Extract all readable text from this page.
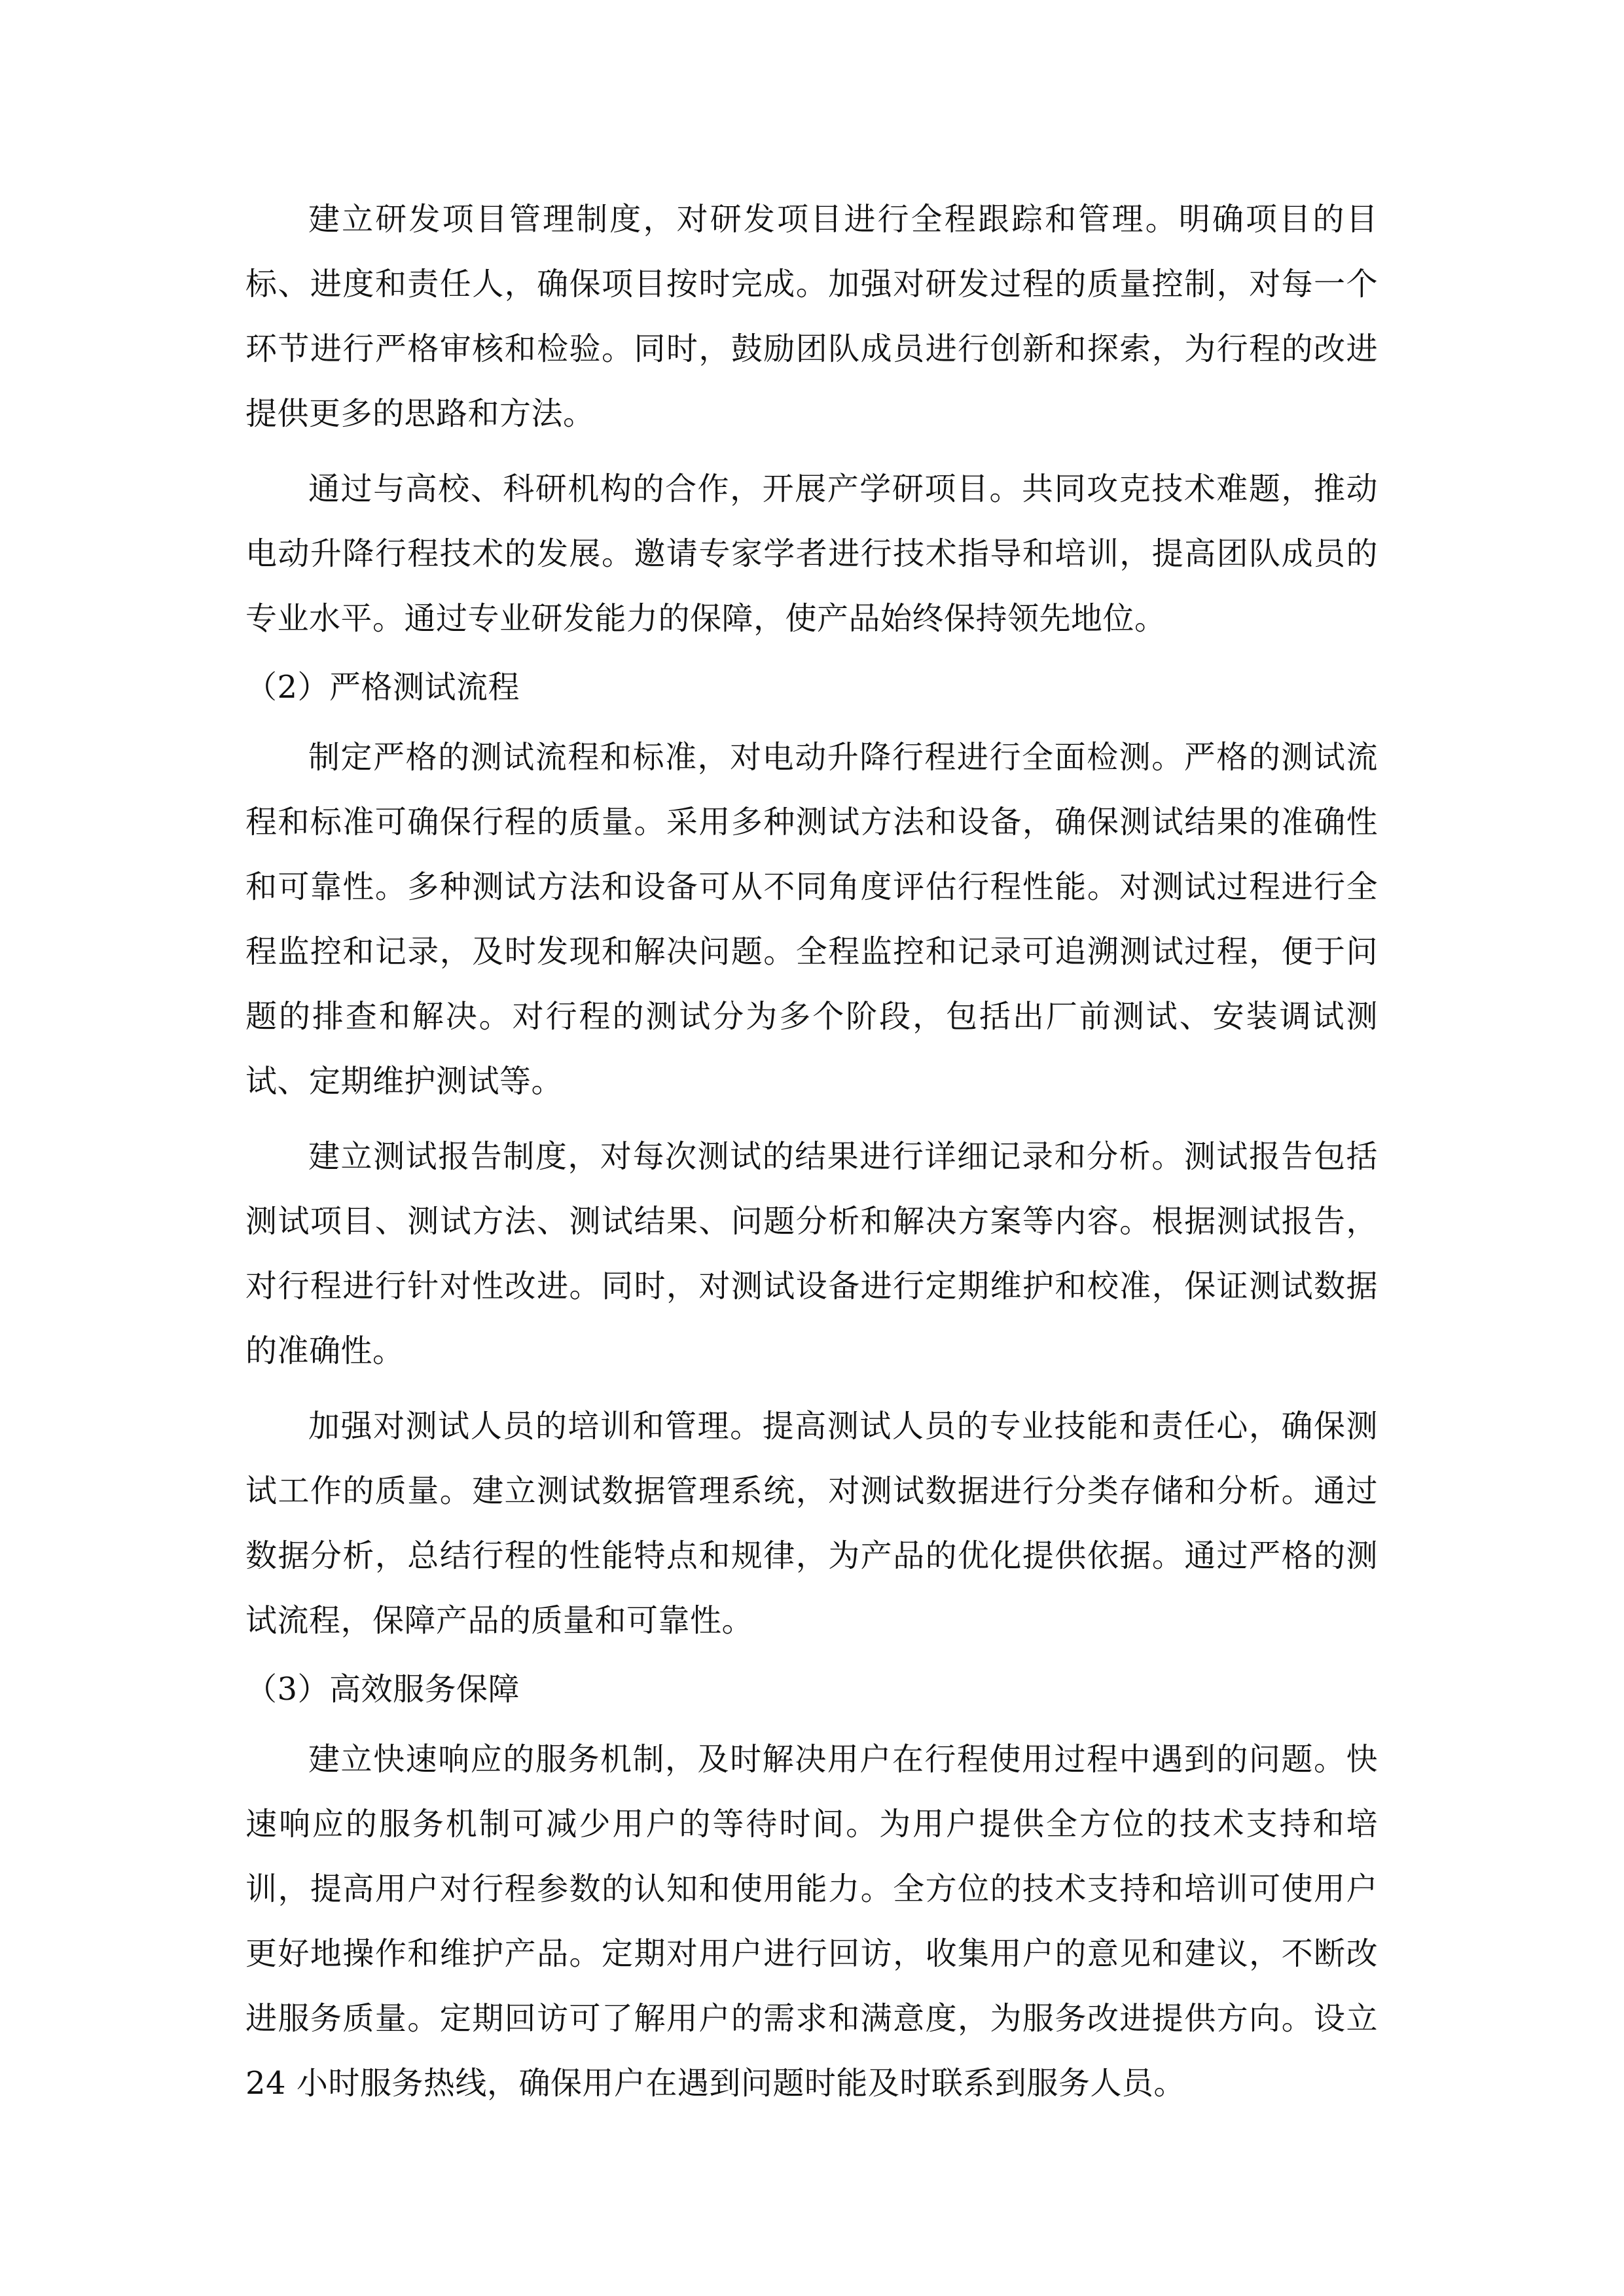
建立研发项目管理制度，对研发项目进行全程跟踪和管理。明确项目的目标、进度和责任人，确保项目按时完成。加强对研发过程的质量控制，对每一个环节进行严格审核和检验。同时，鼓励团队成员进行创新和探索，为行程的改进提供更多的思路和方法。

通过与高校、科研机构的合作，开展产学研项目。共同攻克技术难题，推动电动升降行程技术的发展。邀请专家学者进行技术指导和培训，提高团队成员的专业水平。通过专业研发能力的保障，使产品始终保持领先地位。

（2）严格测试流程

制定严格的测试流程和标准，对电动升降行程进行全面检测。严格的测试流程和标准可确保行程的质量。采用多种测试方法和设备，确保测试结果的准确性和可靠性。多种测试方法和设备可从不同角度评估行程性能。对测试过程进行全程监控和记录，及时发现和解决问题。全程监控和记录可追溯测试过程，便于问题的排查和解决。对行程的测试分为多个阶段，包括出厂前测试、安装调试测试、定期维护测试等。

建立测试报告制度，对每次测试的结果进行详细记录和分析。测试报告包括测试项目、测试方法、测试结果、问题分析和解决方案等内容。根据测试报告，对行程进行针对性改进。同时，对测试设备进行定期维护和校准，保证测试数据的准确性。

加强对测试人员的培训和管理。提高测试人员的专业技能和责任心，确保测试工作的质量。建立测试数据管理系统，对测试数据进行分类存储和分析。通过数据分析，总结行程的性能特点和规律，为产品的优化提供依据。通过严格的测试流程，保障产品的质量和可靠性。

（3）高效服务保障

建立快速响应的服务机制，及时解决用户在行程使用过程中遇到的问题。快速响应的服务机制可减少用户的等待时间。为用户提供全方位的技术支持和培训，提高用户对行程参数的认知和使用能力。全方位的技术支持和培训可使用户更好地操作和维护产品。定期对用户进行回访，收集用户的意见和建议，不断改进服务质量。定期回访可了解用户的需求和满意度，为服务改进提供方向。设立 24 小时服务热线，确保用户在遇到问题时能及时联系到服务人员。
